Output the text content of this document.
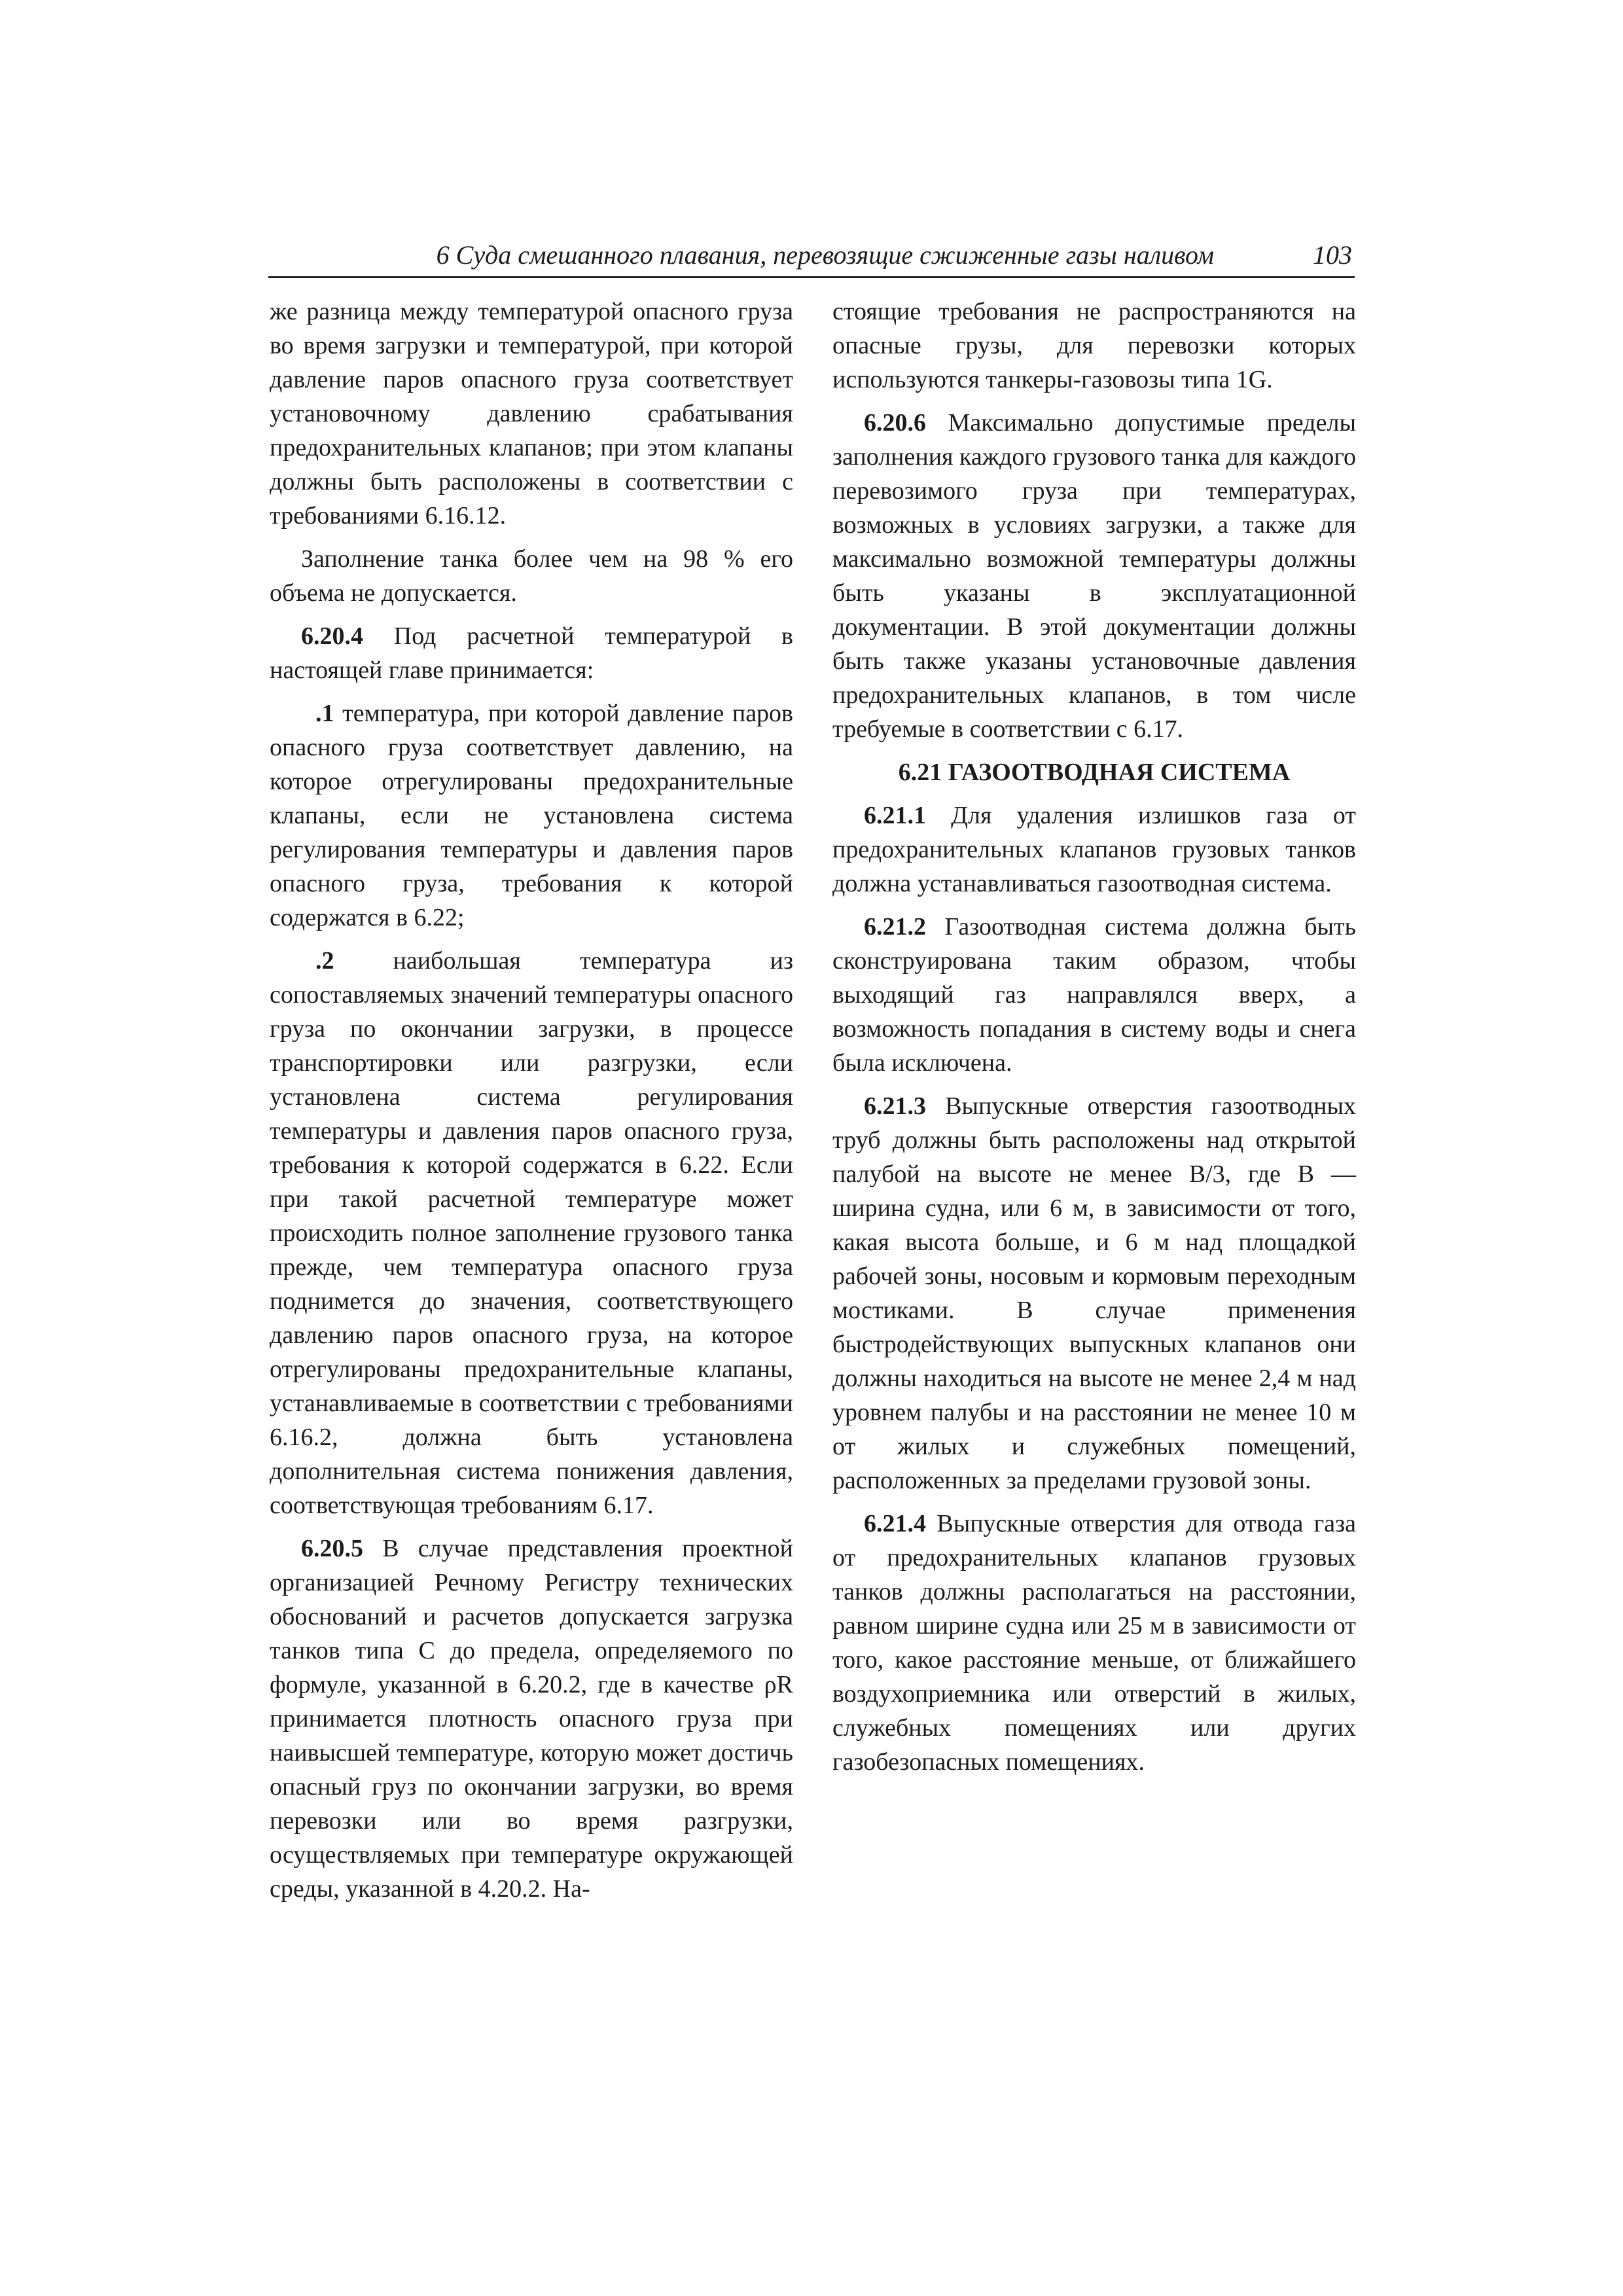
6 Суда смешанного плавания, перевозящие сжиженные газы наливом	103

же разница между температурой опасного груза во время загрузки и температурой, при которой давление паров опасного груза соответствует установочному давлению срабатывания предохранительных клапанов; при этом клапаны должны быть расположены в соответствии с требованиями 6.16.12.

Заполнение танка более чем на 98 % его объема не допускается.

6.20.4 Под расчетной температурой в настоящей главе принимается:

.1 температура, при которой давление паров опасного груза соответствует давлению, на которое отрегулированы предохранительные клапаны, если не установлена система регулирования температуры и давления паров опасного груза, требования к которой содержатся в 6.22;

.2 наибольшая температура из сопоставляемых значений температуры опасного груза по окончании загрузки, в процессе транспортировки или разгрузки, если установлена система регулирования температуры и давления паров опасного груза, требования к которой содержатся в 6.22. Если при такой расчетной температуре может происходить полное заполнение грузового танка прежде, чем температура опасного груза поднимется до значения, соответствующего давлению паров опасного груза, на которое отрегулированы предохранительные клапаны, устанавливаемые в соответствии с требованиями 6.16.2, должна быть установлена дополнительная система понижения давления, соответствующая требованиям 6.17.

6.20.5 В случае представления проектной организацией Речному Регистру технических обоснований и расчетов допускается загрузка танков типа С до предела, определяемого по формуле, указанной в 6.20.2, где в качестве ρR принимается плотность опасного груза при наивысшей температуре, которую может достичь опасный груз по окончании загрузки, во время перевозки или во время разгрузки, осуществляемых при температуре окружающей среды, указанной в 4.20.2. На-

стоящие требования не распространяются на опасные грузы, для перевозки которых используются танкеры-газовозы типа 1G.

6.20.6 Максимально допустимые пределы заполнения каждого грузового танка для каждого перевозимого груза при температурах, возможных в условиях загрузки, а также для максимально возможной температуры должны быть указаны в эксплуатационной документации. В этой документации должны быть также указаны установочные давления предохранительных клапанов, в том числе требуемые в соответствии с 6.17.

6.21 ГАЗООТВОДНАЯ СИСТЕМА

6.21.1 Для удаления излишков газа от предохранительных клапанов грузовых танков должна устанавливаться газоотводная система.

6.21.2 Газоотводная система должна быть сконструирована таким образом, чтобы выходящий газ направлялся вверх, а возможность попадания в систему воды и снега была исключена.

6.21.3 Выпускные отверстия газоотводных труб должны быть расположены над открытой палубой на высоте не менее B/3, где B — ширина судна, или 6 м, в зависимости от того, какая высота больше, и 6 м над площадкой рабочей зоны, носовым и кормовым переходным мостиками. В случае применения быстродействующих выпускных клапанов они должны находиться на высоте не менее 2,4 м над уровнем палубы и на расстоянии не менее 10 м от жилых и служебных помещений, расположенных за пределами грузовой зоны.

6.21.4 Выпускные отверстия для отвода газа от предохранительных клапанов грузовых танков должны располагаться на расстоянии, равном ширине судна или 25 м в зависимости от того, какое расстояние меньше, от ближайшего воздухоприемника или отверстий в жилых, служебных помещениях или других газобезопасных помещениях.
